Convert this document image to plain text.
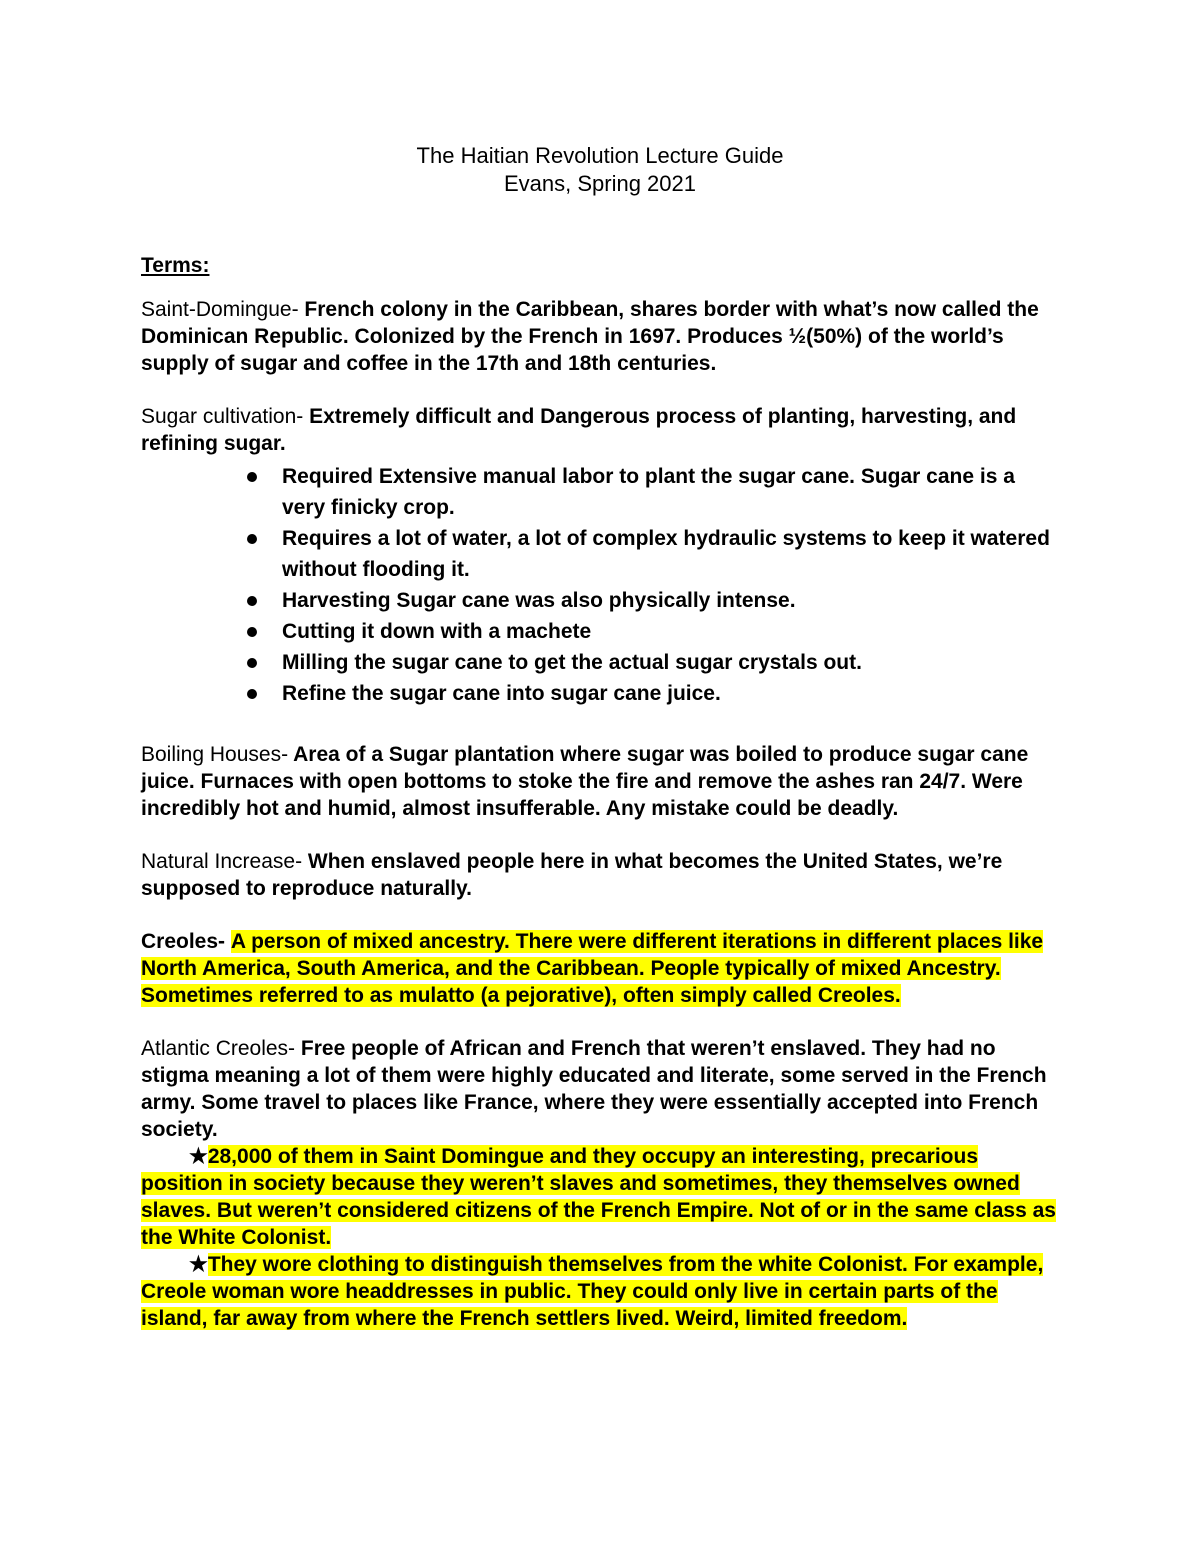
The Haitian Revolution Lecture Guide
Evans, Spring 2021
Terms:
Saint-Domingue- French colony in the Caribbean, shares border with what’s now called the Dominican Republic. Colonized by the French in 1697. Produces ½(50%) of the world’s supply of sugar and coffee in the 17th and 18th centuries.
Sugar cultivation- Extremely difficult and Dangerous process of planting, harvesting, and refining sugar.
Required Extensive manual labor to plant the sugar cane. Sugar cane is a very finicky crop.
Requires a lot of water, a lot of complex hydraulic systems to keep it watered without flooding it.
Harvesting Sugar cane was also physically intense.
Cutting it down with a machete
Milling the sugar cane to get the actual sugar crystals out.
Refine the sugar cane into sugar cane juice.
Boiling Houses- Area of a Sugar plantation where sugar was boiled to produce sugar cane juice. Furnaces with open bottoms to stoke the fire and remove the ashes ran 24/7. Were incredibly hot and humid, almost insufferable. Any mistake could be deadly.
Natural Increase- When enslaved people here in what becomes the United States, we’re supposed to reproduce naturally.
Creoles- A person of mixed ancestry. There were different iterations in different places like North America, South America, and the Caribbean. People typically of mixed Ancestry. Sometimes referred to as mulatto (a pejorative), often simply called Creoles.
Atlantic Creoles- Free people of African and French that weren’t enslaved. They had no stigma meaning a lot of them were highly educated and literate, some served in the French army. Some travel to places like France, where they were essentially accepted into French society.
★28,000 of them in Saint Domingue and they occupy an interesting, precarious position in society because they weren’t slaves and sometimes, they themselves owned slaves. But weren’t considered citizens of the French Empire. Not of or in the same class as the White Colonist.
★They wore clothing to distinguish themselves from the white Colonist. For example, Creole woman wore headdresses in public. They could only live in certain parts of the island, far away from where the French settlers lived. Weird, limited freedom.
